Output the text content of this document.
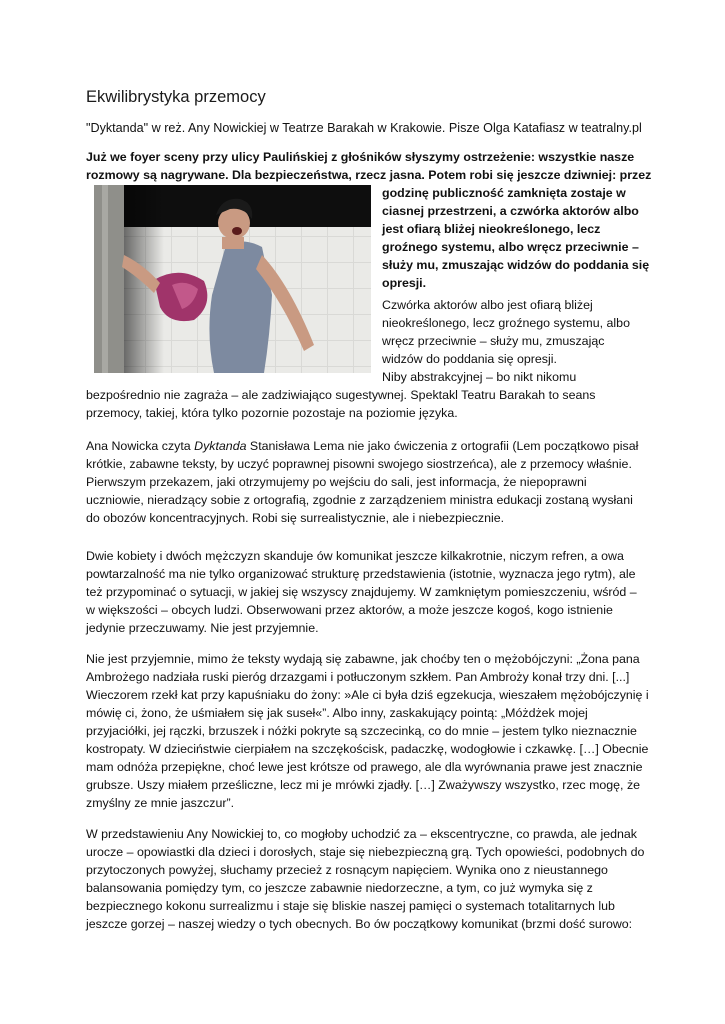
Ekwilibrystyka przemocy
"Dyktanda" w reż. Any Nowickiej w Teatrze Barakah w Krakowie. Pisze Olga Katafiasz w teatralny.pl
Już we foyer sceny przy ulicy Paulińskiej z głośników słyszymy ostrzeżenie: wszystkie nasze
rozmowy są nagrywane. Dla bezpieczeństwa, rzecz jasna. Potem robi się jeszcze dziwniej: przez
godzinę publiczność zamknięta zostaje w
ciasnej przestrzeni, a czwórka aktorów albo
jest ofiarą bliżej nieokreślonego, lecz
groźnego systemu, albo wręcz przeciwnie –
służy mu, zmuszając widzów do poddania się
opresji.
Czwórka aktorów albo jest ofiarą bliżej
nieokreślonego, lecz groźnego systemu, albo
wręcz przeciwnie – służy mu, zmuszając
widzów do poddania się opresji.
Niby abstrakcyjnej – bo nikt nikomu
bezpośrednio nie zagraża – ale zadziwiająco sugestywnej. Spektakl Teatru Barakah to seans
przemocy, takiej, która tylko pozornie pozostaje na poziomie języka.
Ana Nowicka czyta Dyktanda Stanisława Lema nie jako ćwiczenia z ortografii (Lem początkowo pisał
krótkie, zabawne teksty, by uczyć poprawnej pisowni swojego siostrzeńca), ale z przemocy właśnie.
Pierwszym przekazem, jaki otrzymujemy po wejściu do sali, jest informacja, że niepoprawni
uczniowie, nieradzący sobie z ortografią, zgodnie z zarządzeniem ministra edukacji zostaną wysłani
do obozów koncentracyjnych. Robi się surrealistycznie, ale i niebezpiecznie.
Dwie kobiety i dwóch mężczyzn skanduje ów komunikat jeszcze kilkakrotnie, niczym refren, a owa
powtarzalność ma nie tylko organizować strukturę przedstawienia (istotnie, wyznacza jego rytm), ale
też przypominać o sytuacji, w jakiej się wszyscy znajdujemy. W zamkniętym pomieszczeniu, wśród –
w większości – obcych ludzi. Obserwowani przez aktorów, a może jeszcze kogoś, kogo istnienie
jedynie przeczuwamy. Nie jest przyjemnie.
Nie jest przyjemnie, mimo że teksty wydają się zabawne, jak choćby ten o mężobójczyni: „Żona pana
Ambrożego nadziała ruski pieróg drzazgami i potłuczonym szkłem. Pan Ambroży konał trzy dni. [...]
Wieczorem rzekł kat przy kapuśniaku do żony: »Ale ci była dziś egzekucja, wieszałem mężobójczynię i
mówię ci, żono, że uśmiałem się jak suseł«”. Albo inny, zaskakujący pointą: „Móżdżek mojej
przyjaciółki, jej rączki, brzuszek i nóżki pokryte są szczecinką, co do mnie – jestem tylko nieznacznie
kostropaty. W dzieciństwie cierpiałem na szczękościsk, padaczkę, wodogłowie i czkawkę. […] Obecnie
mam odnóża przepiękne, choć lewe jest krótsze od prawego, ale dla wyrównania prawe jest znacznie
grubsze. Uszy miałem prześliczne, lecz mi je mrówki zjadły. […] Zważywszy wszystko, rzec mogę, że
zmyślny ze mnie jaszczur”.
W przedstawieniu Any Nowickiej to, co mogłoby uchodzić za – ekscentryczne, co prawda, ale jednak
urocze – opowiastki dla dzieci i dorosłych, staje się niebezpieczną grą. Tych opowieści, podobnych do
przytoczonych powyżej, słuchamy przecież z rosnącym napięciem. Wynika ono z nieustannego
balansowania pomiędzy tym, co jeszcze zabawnie niedorzeczne, a tym, co już wymyka się z
bezpiecznego kokonu surrealizmu i staje się bliskie naszej pamięci o systemach totalitarnych lub
jeszcze gorzej – naszej wiedzy o tych obecnych. Bo ów początkowy komunikat (brzmi dość surowo:
